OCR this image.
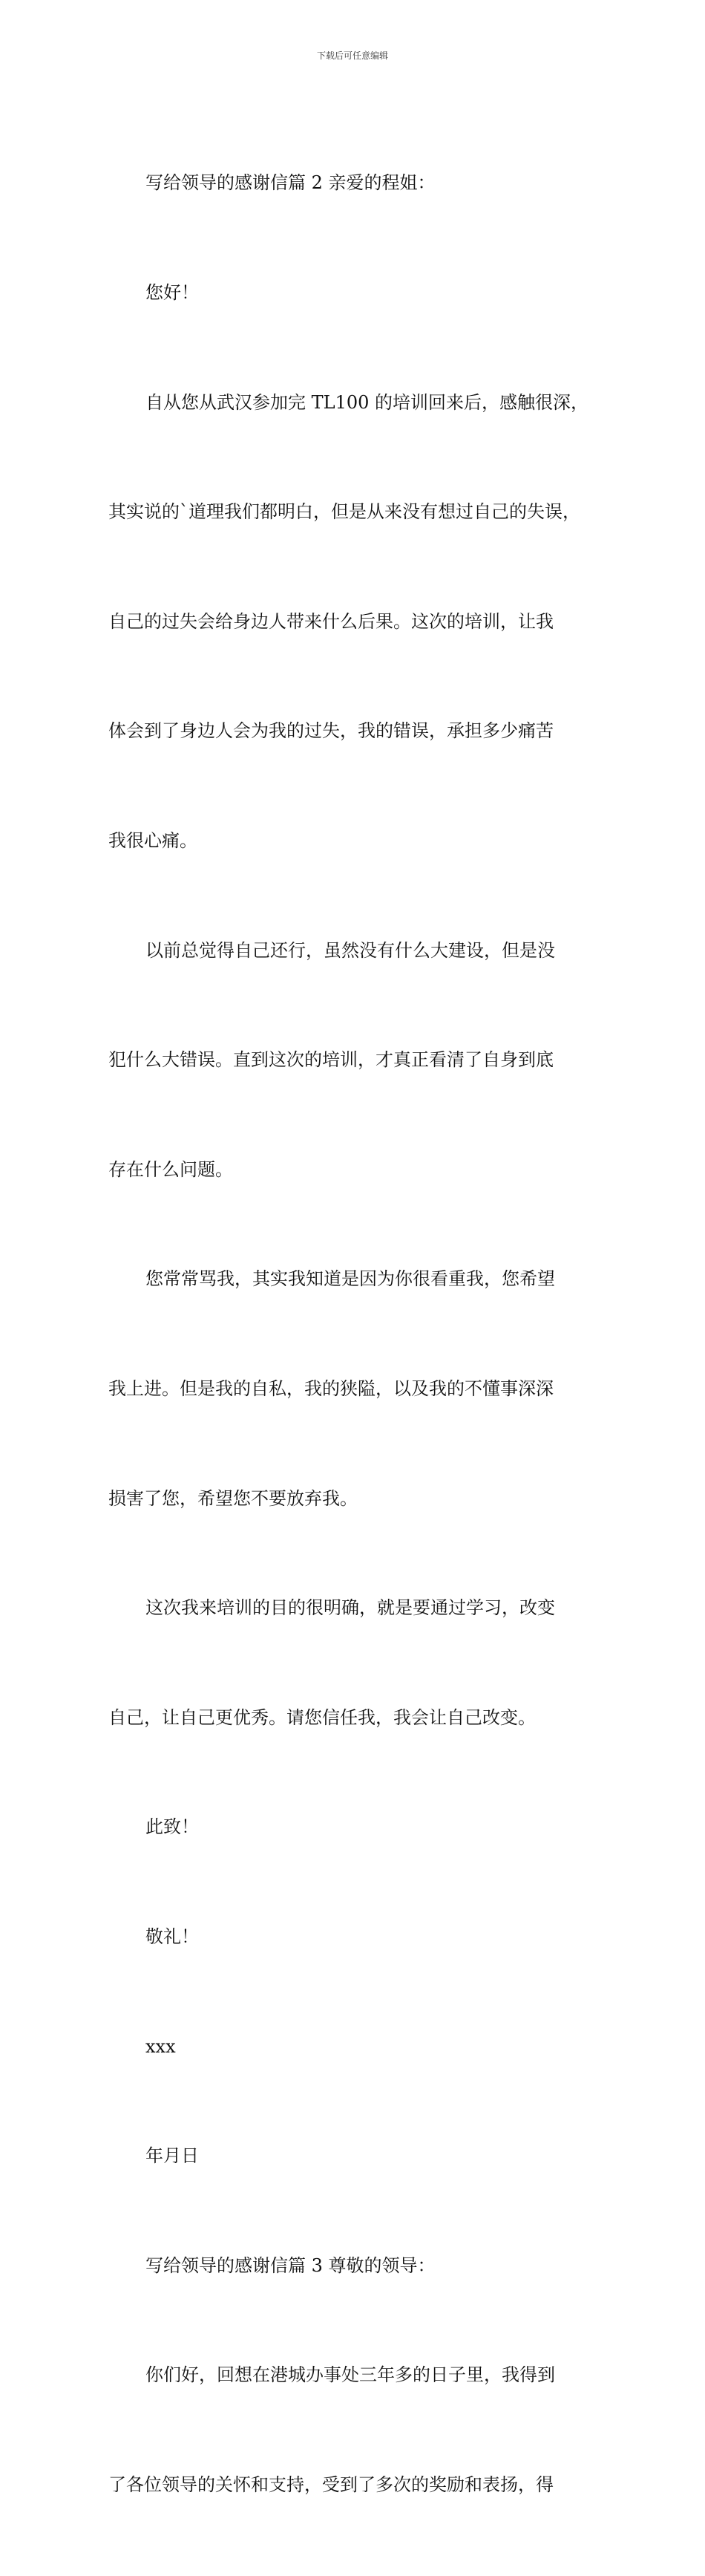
下载后可任意编辑

写给领导的感谢信篇 2 亲爱的程姐：

您好！

自从您从武汉参加完 TL100 的培训回来后，感触很深，

其实说的`道理我们都明白，但是从来没有想过自己的失误，

自己的过失会给身边人带来什么后果。这次的培训，让我

体会到了身边人会为我的过失，我的错误，承担多少痛苦

我很心痛。

以前总觉得自己还行，虽然没有什么大建设，但是没

犯什么大错误。直到这次的培训，才真正看清了自身到底

存在什么问题。

您常常骂我，其实我知道是因为你很看重我，您希望

我上进。但是我的自私，我的狭隘，以及我的不懂事深深

损害了您，希望您不要放弃我。

这次我来培训的目的很明确，就是要通过学习，改变

自己，让自己更优秀。请您信任我，我会让自己改变。

此致！

敬礼！

xxx

年月日

写给领导的感谢信篇 3 尊敬的领导：

你们好，回想在港城办事处三年多的日子里，我得到

了各位领导的关怀和支持，受到了多次的奖励和表扬，得
